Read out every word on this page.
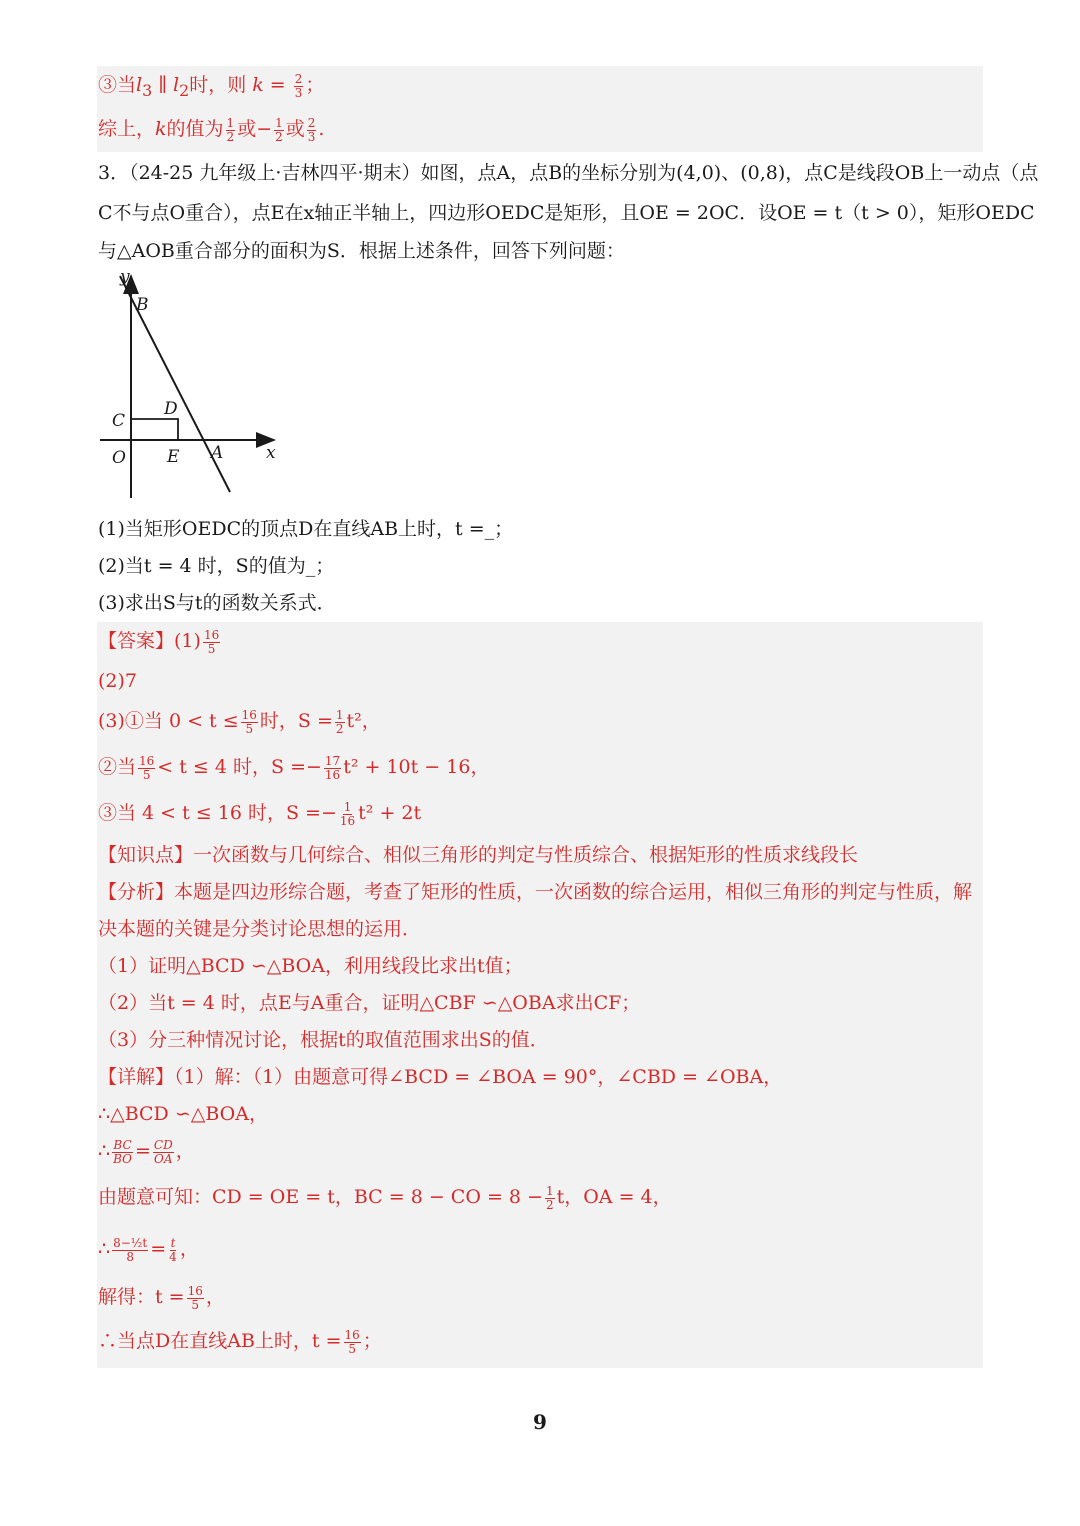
③当$l_3$ ∥ $l_2$时，则 $k = \frac{2}{3}$ ；
综上，k的值为 $\frac{1}{2}$ 或− $\frac{1}{2}$ 或 $\frac{2}{3}$ .
3．（24-25 九年级上·吉林四平·期末）如图，点A，点B的坐标分别为(4,0)、(0,8)，点C是线段OB上一动点（点
C不与点O重合），点E在x轴正半轴上，四边形OEDC是矩形，且OE = 2OC．设OE = t（t > 0），矩形OEDC
与△AOB重合部分的面积为S．根据上述条件，回答下列问题：
y
B
C
D
O E A	x
(1)当矩形OEDC的顶点D在直线AB上时，t =_；
(2)当t = 4 时，S的值为_；
(3)求出S与t的函数关系式．
【答案】$(1) \frac{16}{5}$
(2)7
(3)①当 $0 < t \le \frac{16}{5}$ 时，$S = \frac{1}{2} t^2$，
②当 $\frac{16}{5} < t \le 4$ 时，$S =- \frac{17}{16} t^2 + 10t - 16$，
③当 4 < t ≤ 16 时，$S =- \frac{1}{16} t^2 + 2t$
【知识点】一次函数与几何综合、相似三角形的判定与性质综合、根据矩形的性质求线段长
【分析】本题是四边形综合题，考查了矩形的性质，一次函数的综合运用，相似三角形的判定与性质，解
决本题的关键是分类讨论思想的运用．
（1）证明△BCD ∽△BOA，利用线段比求出t值；
（2）当t = 4 时，点E与A重合，证明△CBF ∽△OBA求出CF；
（3）分三种情况讨论，根据t的取值范围求出S的值．
【详解】（1）解：（1）由题意可得∠BCD = ∠BOA = 90°，∠CBD = ∠OBA，
∴△BCD ∽△BOA，
∴ $\frac{BC}{BO} = \frac{CD}{OA}$ ，
由题意可知：CD = OE = t，BC = 8 − CO = $8 - \frac{1}{2}$ t，OA = 4，
∴ $\frac{\text{8−½t}}{8} = \frac{t}{4}$ ，
解得：$t = \frac{16}{5}$ ，
∴当点D在直线AB上时，$t = \frac{16}{5}$ ；
9
